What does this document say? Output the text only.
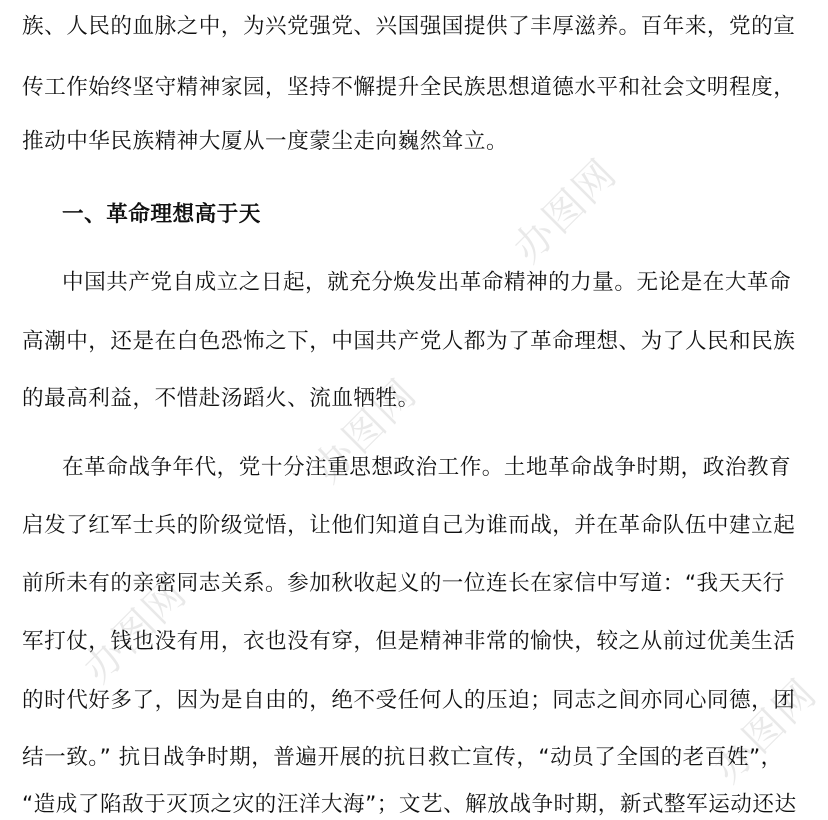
办图网
办图网
办图网
办图网
族、人民的血脉之中，为兴党强党、兴国强国提供了丰厚滋养。百年来，党的宣
传工作始终坚守精神家园，坚持不懈提升全民族思想道德水平和社会文明程度，
推动中华民族精神大厦从一度蒙尘走向巍然耸立。
一、革命理想高于天
中国共产党自成立之日起，就充分焕发出革命精神的力量。无论是在大革命
高潮中，还是在白色恐怖之下，中国共产党人都为了革命理想、为了人民和民族
的最高利益，不惜赴汤蹈火、流血牺牲。
在革命战争年代，党十分注重思想政治工作。土地革命战争时期，政治教育
启发了红军士兵的阶级觉悟，让他们知道自己为谁而战，并在革命队伍中建立起
前所未有的亲密同志关系。参加秋收起义的一位连长在家信中写道：“我天天行
军打仗，钱也没有用，衣也没有穿，但是精神非常的愉快，较之从前过优美生活
的时代好多了，因为是自由的，绝不受任何人的压迫；同志之间亦同心同德，团
结一致。” 抗日战争时期，普遍开展的抗日救亡宣传，“动员了全国的老百姓”，
“造成了陷敌于灭顶之灾的汪洋大海”；文艺、解放战争时期，新式整军运动还达
